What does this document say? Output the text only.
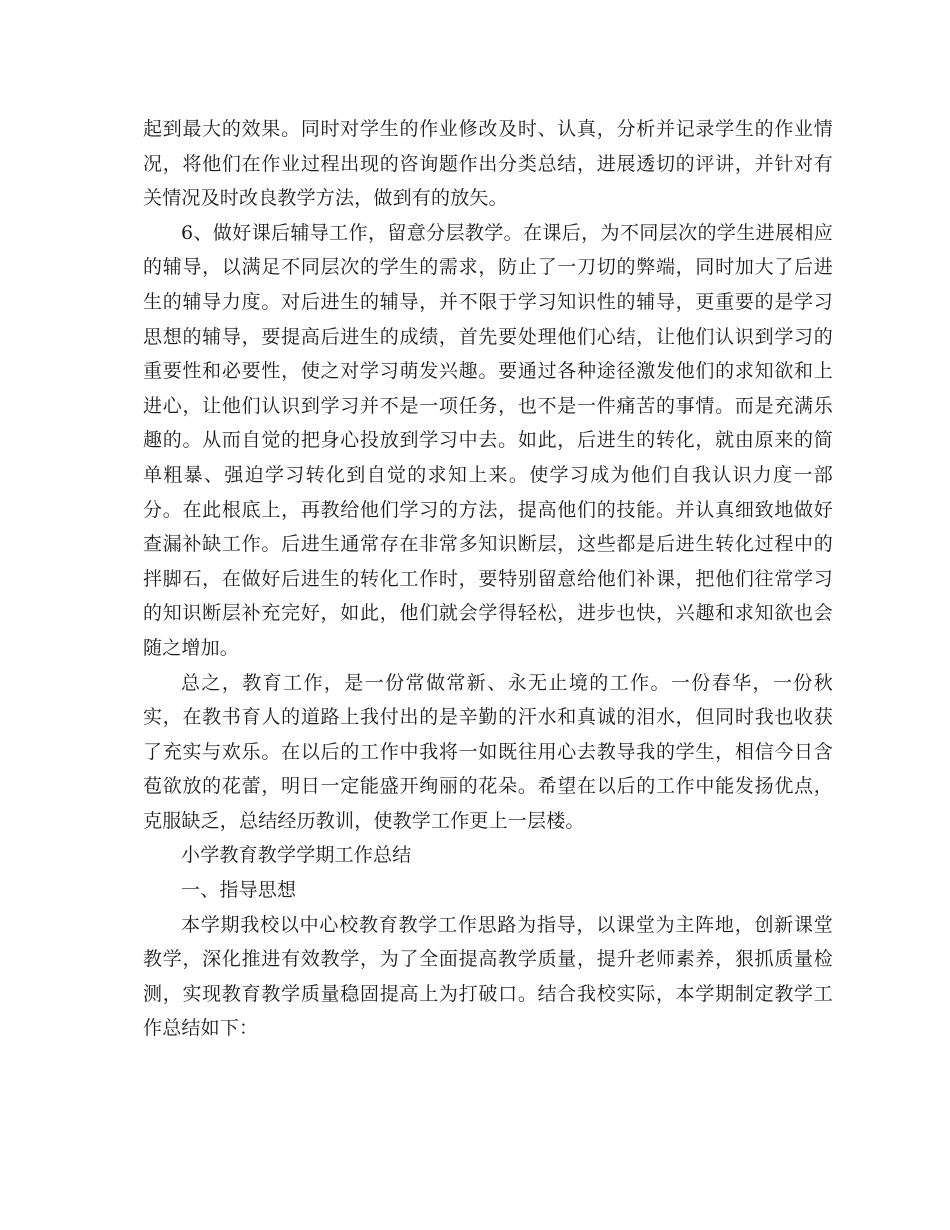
起到最大的效果。同时对学生的作业修改及时、认真，分析并记录学生的作业情况，将他们在作业过程出现的咨询题作出分类总结，进展透切的评讲，并针对有关情况及时改良教学方法，做到有的放矢。

6、做好课后辅导工作，留意分层教学。在课后，为不同层次的学生进展相应的辅导，以满足不同层次的学生的需求，防止了一刀切的弊端，同时加大了后进生的辅导力度。对后进生的辅导，并不限于学习知识性的辅导，更重要的是学习思想的辅导，要提高后进生的成绩，首先要处理他们心结，让他们认识到学习的重要性和必要性，使之对学习萌发兴趣。要通过各种途径激发他们的求知欲和上进心，让他们认识到学习并不是一项任务，也不是一件痛苦的事情。而是充满乐趣的。从而自觉的把身心投放到学习中去。如此，后进生的转化，就由原来的简单粗暴、强迫学习转化到自觉的求知上来。使学习成为他们自我认识力度一部分。在此根底上，再教给他们学习的方法，提高他们的技能。并认真细致地做好查漏补缺工作。后进生通常存在非常多知识断层，这些都是后进生转化过程中的拌脚石，在做好后进生的转化工作时，要特别留意给他们补课，把他们往常学习的知识断层补充完好，如此，他们就会学得轻松，进步也快，兴趣和求知欲也会随之增加。

总之，教育工作，是一份常做常新、永无止境的工作。一份春华，一份秋实，在教书育人的道路上我付出的是辛勤的汗水和真诚的泪水，但同时我也收获了充实与欢乐。在以后的工作中我将一如既往用心去教导我的学生，相信今日含苞欲放的花蕾，明日一定能盛开绚丽的花朵。希望在以后的工作中能发扬优点，克服缺乏，总结经历教训，使教学工作更上一层楼。

小学教育教学学期工作总结

一、指导思想

本学期我校以中心校教育教学工作思路为指导，以课堂为主阵地，创新课堂教学，深化推进有效教学，为了全面提高教学质量，提升老师素养，狠抓质量检测，实现教育教学质量稳固提高上为打破口。结合我校实际，本学期制定教学工作总结如下：
